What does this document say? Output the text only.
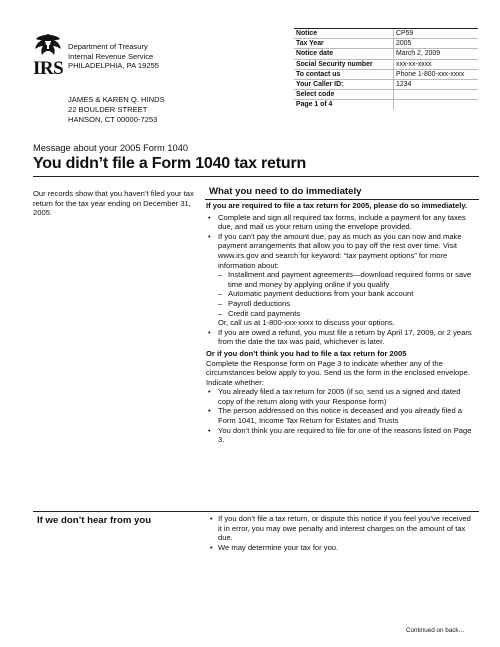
IRS
Department of Treasury
Internal Revenue Service
PHILADELPHIA, PA 19255
JAMES & KAREN Q. HINDS
22 BOULDER STREET
HANSON, CT 00000-7253
Notice	CP59
Tax Year	2005
Notice date	March 2, 2009
Social Security number	xxx-xx-xxxx
To contact us	Phone 1-800-xxx-xxxx
Your Caller ID:	1234
Select code	
Page 1 of 4	
Message about your 2005 Form 1040
You didn’t file a Form 1040 tax return
Our records show that you haven’t filed your tax return for the tax year ending on December 31, 2005.
What you need to do immediately

If you are required to file a tax return for 2005, please do so immediately.

• Complete and sign all required tax forms, include a payment for any taxes due, and mail us your return using the envelope provided.
• If you can’t pay the amount due, pay as much as you can now and make payment arrangements that allow you to pay off the rest over time. Visit www.irs.gov and search for keyword: “tax payment options” for more information about:
– Installment and payment agreements—download required forms or save time and money by applying online if you qualify
– Automatic payment deductions from your bank account
– Payroll deductions
– Credit card payments
Or, call us at 1-800-xxx-xxxx to discuss your options.
• If you are owed a refund, you must file a return by April 17, 2009, or 2 years from the date the tax was paid, whichever is later.

Or if you don’t think you had to file a tax return for 2005

Complete the Response form on Page 3 to indicate whether any of the circumstances below apply to you. Send us the form in the enclosed envelope.

Indicate whether:

• You already filed a tax return for 2005 (if so, send us a signed and dated copy of the return along with your Response form)
• The person addressed on this notice is deceased and you already filed a Form 1041, Income Tax Return for Estates and Trusts
• You don’t think you are required to file for one of the reasons listed on Page 3.
If we don’t hear from you	• If you don’t file a tax return, or dispute this notice if you feel you’ve received it in error, you may owe penalty and interest charges on the amount of tax due.
• We may determine your tax for you.
Continued on back…
